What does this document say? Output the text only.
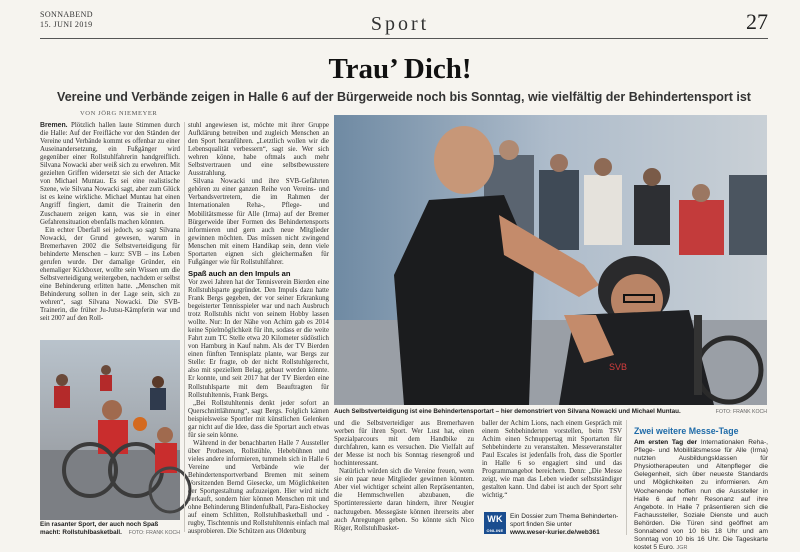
SONNABEND
15. JUNI 2019	Sport	27
Trau’ Dich!
Vereine und Verbände zeigen in Halle 6 auf der Bürgerweide noch bis Sonntag, wie vielfältig der Behindertensport ist
VON JÖRG NIEMEYER

Bremen. Plötzlich hallen laute Stimmen durch die Halle: Auf der Freifläche vor den Ständen der Vereine und Verbände kommt es offenbar zu einer Auseinandersetzung, ein Fußgänger wird gegenüber einer Rollstuhlfahrerin handgreiflich. Silvana Nowacki aber weiß sich zu erwehren. Mit gezielten Griffen widersetzt sie sich der Attacke von Michael Muntau. Es sei eine realistische Szene, wie Silvana Nowacki sagt, aber zum Glück ist es keine wirkliche. Michael Muntau hat einen Angriff fingiert, damit die Trainerin den Zuschauern zeigen kann, was sie in einer Gefahrensituation ebenfalls machen könnten.

Ein echter Überfall sei jedoch, so sagt Silvana Nowacki, der Grund gewesen, warum in Bremerhaven 2002 die Selbstverteidigung für behinderte Menschen – kurz: SVB – ins Leben gerufen wurde. Der damalige Gründer, ein ehemaliger Kickboxer, wollte sein Wissen um die Selbstverteidigung weitergeben, nachdem er selbst eine Behinderung erlitten hatte. „Menschen mit Behinderung sollten in der Lage sein, sich zu wehren“, sagt Silvana Nowacki. Die SVB-Trainerin, die früher Ju-Jutsu-Kämpferin war und seit 2007 auf den Roll-

Ein rasanter Sport, der auch noch Spaß macht: Rollstuhlbasketball.	FOTO: FRANK KOCH

stuhl angewiesen ist, möchte mit ihrer Gruppe Aufklärung betreiben und zugleich Menschen an den Sport heranführen. „Letztlich wollen wir die Lebensqualität verbessern“, sagt sie. Wer sich wehren könne, habe oftmals auch mehr Selbstvertrauen und eine selbstbewusstere Ausstrahlung.

Silvana Nowacki und ihre SVB-Gefährten gehören zu einer ganzen Reihe von Vereins- und Verbandsvertretern, die im Rahmen der Internationalen Reha-, Pflege- und Mobilitätsmesse für Alle (Irma) auf der Bremer Bürgerweide über Formen des Behindertensports informieren und gern auch neue Mitglieder gewinnen möchten. Das müssen nicht zwingend Menschen mit einem Handikap sein, denn viele Sportarten eignen sich gleichermaßen für Fußgänger wie für Rollstuhlfahrer.

Spaß auch an den Impuls an

Vor zwei Jahren hat der Tennisverein Bierden eine Rollstuhlsparte gegründet. Den Impuls dazu hatte Frank Bergs gegeben, der vor seiner Erkrankung begeisterter Tennisspieler war und nach Ausbruch trotz Rollstuhls nicht von seinem Hobby lassen wollte. Nur: In der Nähe von Achim gab es 2014 keine Spielmöglichkeit für ihn, sodass er die weite Fahrt zum TC Stelle etwa 20 Kilometer südöstlich von Hamburg in Kauf nahm. Als der TV Bierden einen fünften Tennisplatz plante, war Bergs zur Stelle: Er fragte, ob der nicht Rollstuhlgerecht, also mit speziellem Belag, gebaut werden könnte. Er konnte, und seit 2017 hat der TV Bierden eine Rollstuhlsparte mit dem Beauftragten für Rollstuhltennis, Frank Bergs.

„Bei Rollstuhltennis denkt jeder sofort an Querschnittlähmung“, sagt Bergs. Folglich kämen beispielsweise Sportler mit künstlichen Gelenken gar nicht auf die Idee, dass die Sportart auch etwas für sie sein könne.

Während in der benachbarten Halle 7 Aussteller über Prothesen, Rollstühle, Hebebühnen und vieles andere informieren, tummeln sich in Halle 6 Vereine und Verbände wie der Behindertensportverband Bremen mit seinem Vorsitzenden Bernd Giesecke, um Möglichkeiten der Sportgestaltung aufzuzeigen. Hier wird nicht verkauft, sondern hier können Menschen mit und ohne Behinderung Blindenfußball, Para-Eishockey auf einem Schlitten, Rollstuhlbasketball und -rugby, Tischtennis und Rollstuhltennis einfach mal ausprobieren. Die Schützen aus Oldenburg

SVB
Auch Selbstverteidigung ist eine Behindertensportart – hier demonstriert von Silvana Nowacki und Michael Muntau.	FOTO: FRANK KOCH

und die Selbstverteidiger aus Bremerhaven werben für ihren Sport. Wer Lust hat, einen Spezialparcours mit dem Handbike zu durchfahren, kann es versuchen. Die Vielfalt auf der Messe ist noch bis Sonntag riesengroß und hochinteressant.

Natürlich würden sich die Vereine freuen, wenn sie ein paar neue Mitglieder gewinnen könnten. Aber viel wichtiger scheint allen Repräsentanten, die Hemmschwellen abzubauen, die Sportinteressierte daran hindern, ihrer Neugier nachzugeben. Messegäste können ihrerseits aber auch Anregungen geben. So könnte sich Nico Röger, Rollstuhlbasket-

baller der Achim Lions, nach einem Gespräch mit einem Sehbehinderten vorstellen, beim TSV Achim einen Schnuppertag mit Sportarten für Sehbehinderte zu veranstalten. Messeveranstalter Paul Escales ist jedenfalls froh, dass die Sportler in Halle 6 so engagiert sind und das Programmangebot bereichern. Denn: „Die Messe zeigt, wie man das Leben wieder selbstständiger gestalten kann. Und dabei ist auch der Sport sehr wichtig.“

WK
ONLINE
Ein Dossier zum Thema Behinderten-
sport finden Sie unter
www.weser-kurier.de/web361
Zwei weitere Messe-Tage
Am ersten Tag der Internationalen Reha-, Pflege- und Mobilitätsmesse für Alle (Irma) nutzten Ausbildungsklassen für Physiotherapeuten und Altenpfleger die Gelegenheit, sich über neueste Standards und Möglichkeiten zu informieren. Am Wochenende hoffen nun die Aussteller in Halle 6 auf mehr Resonanz auf ihre Angebote. In Halle 7 präsentieren sich die Fachaussteller, Soziale Dienste und auch Behörden. Die Türen sind geöffnet am Sonnabend von 10 bis 18 Uhr und am Sonntag von 10 bis 16 Uhr. Die Tageskarte kostet 5 Euro. JGR
